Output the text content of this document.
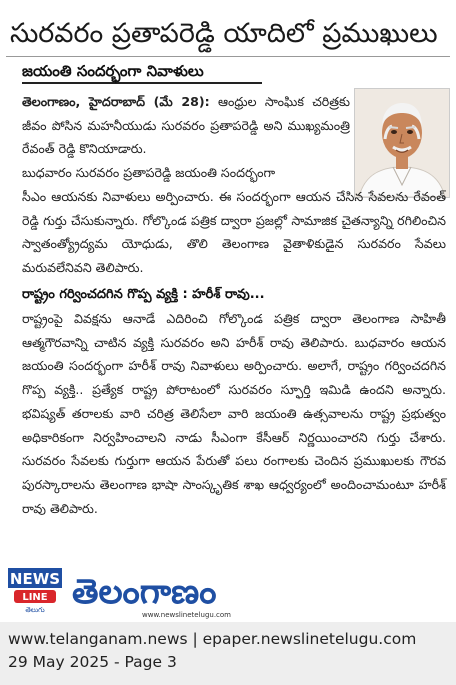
సురవరం ప్రతాపరెడ్డి యాదిలో ప్రముఖులు
జయంతి సందర్భంగా నివాళులు
తెలంగాణం, హైదరాబాద్ (మే 28): ఆంధ్రుల సాంఘిక చరిత్రకు జీవం పోసిన మహనీయుడు సురవరం ప్రతాపరెడ్డి అని ముఖ్యమంత్రి రేవంత్ రెడ్డి కొనియాడారు.
బుధవారం సురవరం ప్రతాపరెడ్డి జయంతి సందర్భంగా
సీఎం ఆయనకు నివాళులు అర్పించారు. ఈ సందర్భంగా ఆయన చేసిన సేవలను రేవంత్ రెడ్డి గుర్తు చేసుకున్నారు. గోల్కొండ పత్రిక ద్వారా ప్రజల్లో సామాజిక చైతన్యాన్ని రగిలించిన స్వాతంత్య్రోద్యమ యోధుడు, తొలి తెలంగాణ వైతాళికుడైన సురవరం సేవలు మరువలేనివని తెలిపారు.
రాష్ట్రం గర్వించదగిన గొప్ప వ్యక్తి : హరీశ్ రావు...
రాష్ట్రంపై వివక్షను ఆనాడే ఎదిరించి గోల్కొండ పత్రిక ద్వారా తెలంగాణ సాహితీ ఆత్మగౌరవాన్ని చాటిన వ్యక్తి సురవరం అని హరీశ్ రావు తెలిపారు. బుధవారం ఆయన జయంతి సందర్భంగా హరీశ్ రావు నివాళులు అర్పించారు. అలాగే, రాష్ట్రం గర్వించదగిన గొప్ప వ్యక్తి.. ప్రత్యేక రాష్ట్ర పోరాటంలో సురవరం స్ఫూర్తి ఇమిడి ఉందని అన్నారు. భవిష్యత్ తరాలకు వారి చరిత్ర తెలిసేలా వారి జయంతి ఉత్సవాలను రాష్ట్ర ప్రభుత్వం అధికారికంగా నిర్వహించాలని నాడు సీఎంగా కేసీఆర్ నిర్ణయించారని గుర్తు చేశారు. సురవరం సేవలకు గుర్తుగా ఆయన పేరుతో పలు రంగాలకు చెందిన ప్రముఖులకు గౌరవ పురస్కారాలను తెలంగాణ భాషా సాంస్కృతిక శాఖ ఆధ్వర్యంలో అందించామంటూ హరీశ్ రావు తెలిపారు.
NEWS
LINE
తెలుగు తెలంగాణం
www.newslinetelugu.com
www.telanganam.news | epaper.newslinetelugu.com
29 May 2025 - Page 3
